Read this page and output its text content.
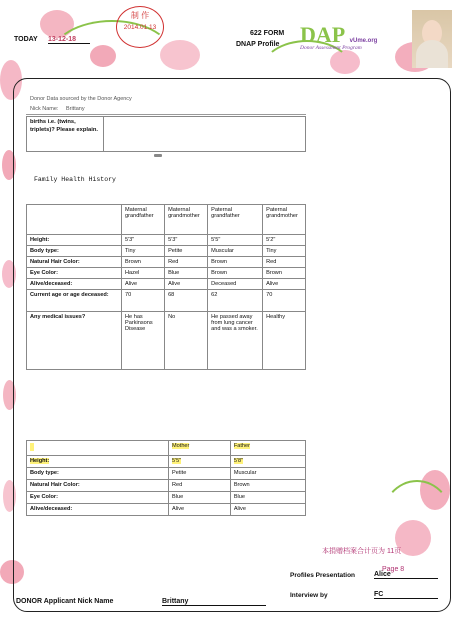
TODAY 13-12-18
制 作
2014.01.13
622 FORM
DNAP Profile DAP vUme.org
Donor Assessment Program
Donor Data sourced by the Donor Agency
Nick Name: Brittany
births i.e. (twins, triplets)? Please explain.	
Family Health History
	Maternal grandfather	Maternal grandmother	Paternal grandfather	Paternal grandmother
Height:	5'3"	5'3"	5'5"	5'2"
Body type:	Tiny	Petite	Muscular	Tiny
Natural Hair Color:	Brown	Red	Brown	Red
Eye Color:	Hazel	Blue	Brown	Brown
Alive/deceased:	Alive	Alive	Deceased	Alive
Current age or age deceased:	70	68	62	70
Any medical issues?	He has Parkinsons Disease	No	He passed away from lung cancer and was a smoker.	Healthy
	Mother	Father
Height:	5'5"	5'8"
Body type:	Petite	Muscular
Natural Hair Color:	Red	Brown
Eye Color:	Blue	Blue
Alive/deceased:	Alive	Alive
本捐赠档案合计页为 11页
Page 8
Profiles Presentation	Alice
Interview by	FC
DONOR Applicant Nick Name	Brittany
